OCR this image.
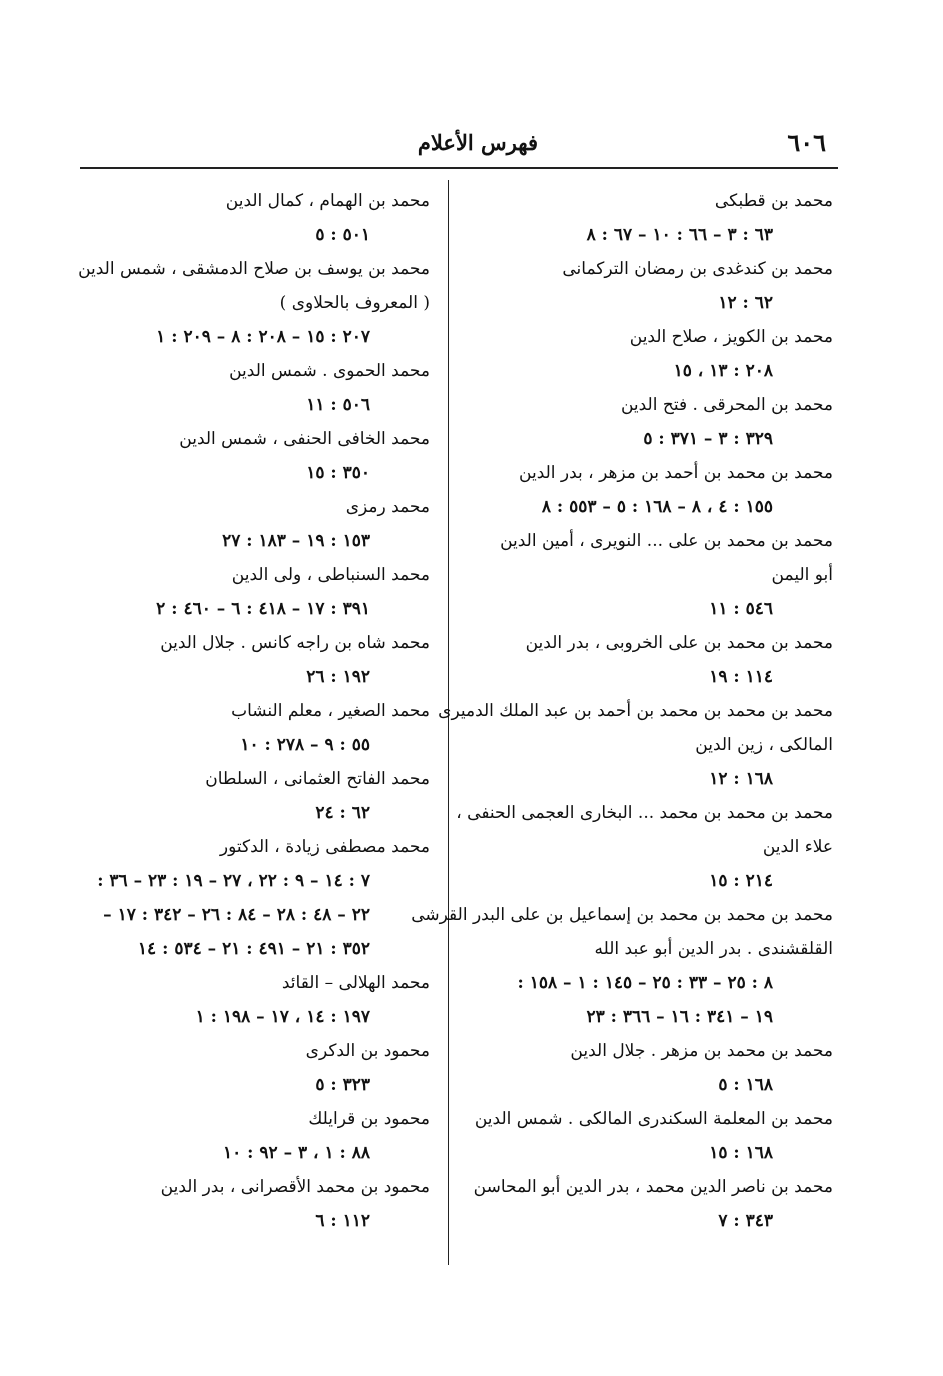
٦٠٦
فهرس الأعلام
محمد بن قطبكى
٦٣ : ٣ – ٦٦ : ١٠ – ٦٧ : ٨
محمد بن كندغدى بن رمضان التركمانى
٦٢ : ١٢
محمد بن الكويز ، صلاح الدين
٢٠٨ : ١٣ ، ١٥
محمد بن المحرقى . فتح الدين
٣٢٩ : ٣ – ٣٧١ : ٥
محمد بن محمد بن أحمد بن مزهر ، بدر الدين
١٥٥ : ٤ ، ٨ – ١٦٨ : ٥ – ٥٥٣ : ٨
محمد بن محمد بن على ... النويرى ، أمين الدين
أبو اليمن
٥٤٦ : ١١
محمد بن محمد بن على الخروبى ، بدر الدين
١١٤ : ١٩
محمد بن محمد بن محمد بن أحمد بن عبد الملك الدميرى
المالكى ، زين الدين
١٦٨ : ١٢
محمد بن محمد بن محمد ... البخارى العجمى الحنفى ،
علاء الدين
٢١٤ : ١٥
محمد بن محمد بن محمد بن إسماعيل بن على البدر القرشى
القلقشندى . بدر الدين أبو عبد الله
٨ : ٢٥ – ٣٣ : ٢٥ – ١٤٥ : ١ – ١٥٨ :
١٩ – ٣٤١ : ١٦ – ٣٦٦ : ٢٣
محمد بن محمد بن مزهر . جلال الدين
١٦٨ : ٥
محمد بن المعلمة السكندرى المالكى . شمس الدين
١٦٨ : ١٥
محمد بن ناصر الدين محمد ، بدر الدين أبو المحاسن
٣٤٣ : ٧
محمد بن الهمام ، كمال الدين
٥٠١ : ٥
محمد بن يوسف بن صلاح الدمشقى ، شمس الدين
( المعروف بالحلاوى )
٢٠٧ : ١٥ – ٢٠٨ : ٨ – ٢٠٩ : ١
محمد الحموى . شمس الدين
٥٠٦ : ١١
محمد الخافى الحنفى ، شمس الدين
٣٥٠ : ١٥
محمد رمزى
١٥٣ : ١٩ – ١٨٣ : ٢٧
محمد السنباطى ، ولى الدين
٣٩١ : ١٧ – ٤١٨ : ٦ – ٤٦٠ : ٢
محمد شاه بن راجه كانس . جلال الدين
١٩٢ : ٢٦
محمد الصغير ، معلم النشاب
٥٥ : ٩ – ٢٧٨ : ١٠
محمد الفاتح العثمانى ، السلطان
٦٢ : ٢٤
محمد مصطفى زيادة ، الدكتور
٧ : ١٤ – ٩ : ٢٢ ، ٢٧ – ١٩ : ٢٣ – ٣٦ :
٢٢ – ٤٨ : ٢٨ – ٨٤ : ٢٦ – ٣٤٢ : ١٧ –
٣٥٢ : ٢١ – ٤٩١ : ٢١ – ٥٣٤ : ١٤
محمد الهلالى – القائد
١٩٧ : ١٤ ، ١٧ – ١٩٨ : ١
محمود بن الدكرى
٣٢٣ : ٥
محمود بن قرايلك
٨٨ : ١ ، ٣ – ٩٢ : ١٠
محمود بن محمد الأقصرانى ، بدر الدين
١١٢ : ٦
